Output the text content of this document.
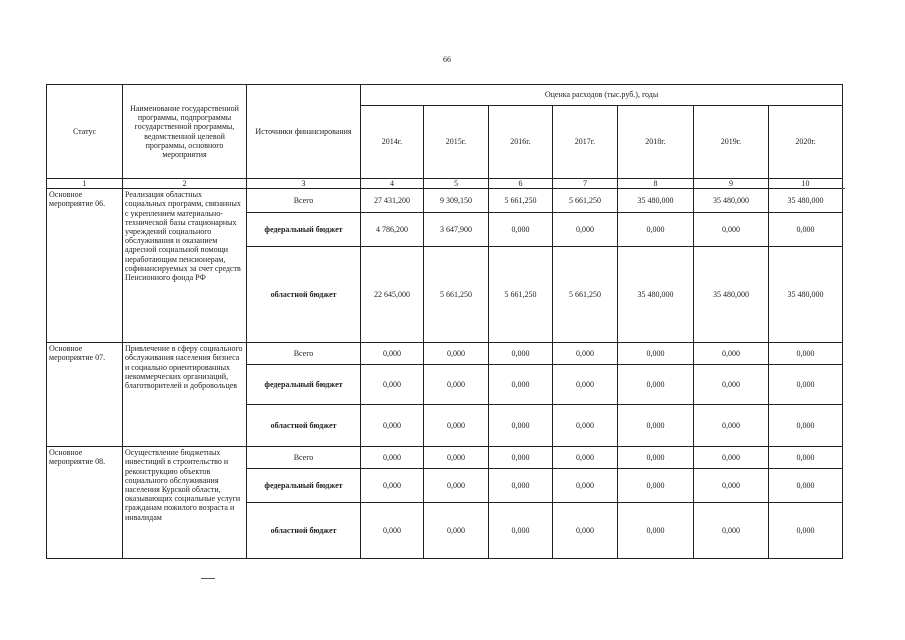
66
Статус	Наименование государственной программы, подпрограммы государственной программы, ведомственной целевой программы, основного мероприятия	Источники финансирования	Оценка расходов (тыс.руб.), годы						
			2014г.	2015г.	2016г.	2017г.	2018г.	2019г.	2020г.
1	2	3	4	5	6	7	8	9	10
Основное мероприятие 06.	Реализация областных социальных программ, связанных с укреплением материально-технической базы стационарных учреждений социального обслуживания и оказанием адресной социальной помощи неработающим пенсионерам, софинансируемых за счет средств Пенсионного фонда РФ	Всего	27 431,200	9 309,150	5 661,250	5 661,250	35 480,000	35 480,000	35 480,000
		федеральный бюджет	4 786,200	3 647,900	0,000	0,000	0,000	0,000	0,000
		областной бюджет	22 645,000	5 661,250	5 661,250	5 661,250	35 480,000	35 480,000	35 480,000
Основное мероприятие 07.	Привлечение в сферу социального обслуживания населения бизнеса и социально ориентированных некоммерческих организаций, благотворителей и добровольцев	Всего	0,000	0,000	0,000	0,000	0,000	0,000	0,000
		федеральный бюджет	0,000	0,000	0,000	0,000	0,000	0,000	0,000
		областной бюджет	0,000	0,000	0,000	0,000	0,000	0,000	0,000
Основное мероприятие 08.	Осуществление бюджетных инвестиций в строительство и реконструкцию объектов социального обслуживания населения Курской области, оказывающих социальные услуги гражданам пожилого возраста и инвалидам	Всего	0,000	0,000	0,000	0,000	0,000	0,000	0,000
		федеральный бюджет	0,000	0,000	0,000	0,000	0,000	0,000	0,000
		областной бюджет	0,000	0,000	0,000	0,000	0,000	0,000	0,000
